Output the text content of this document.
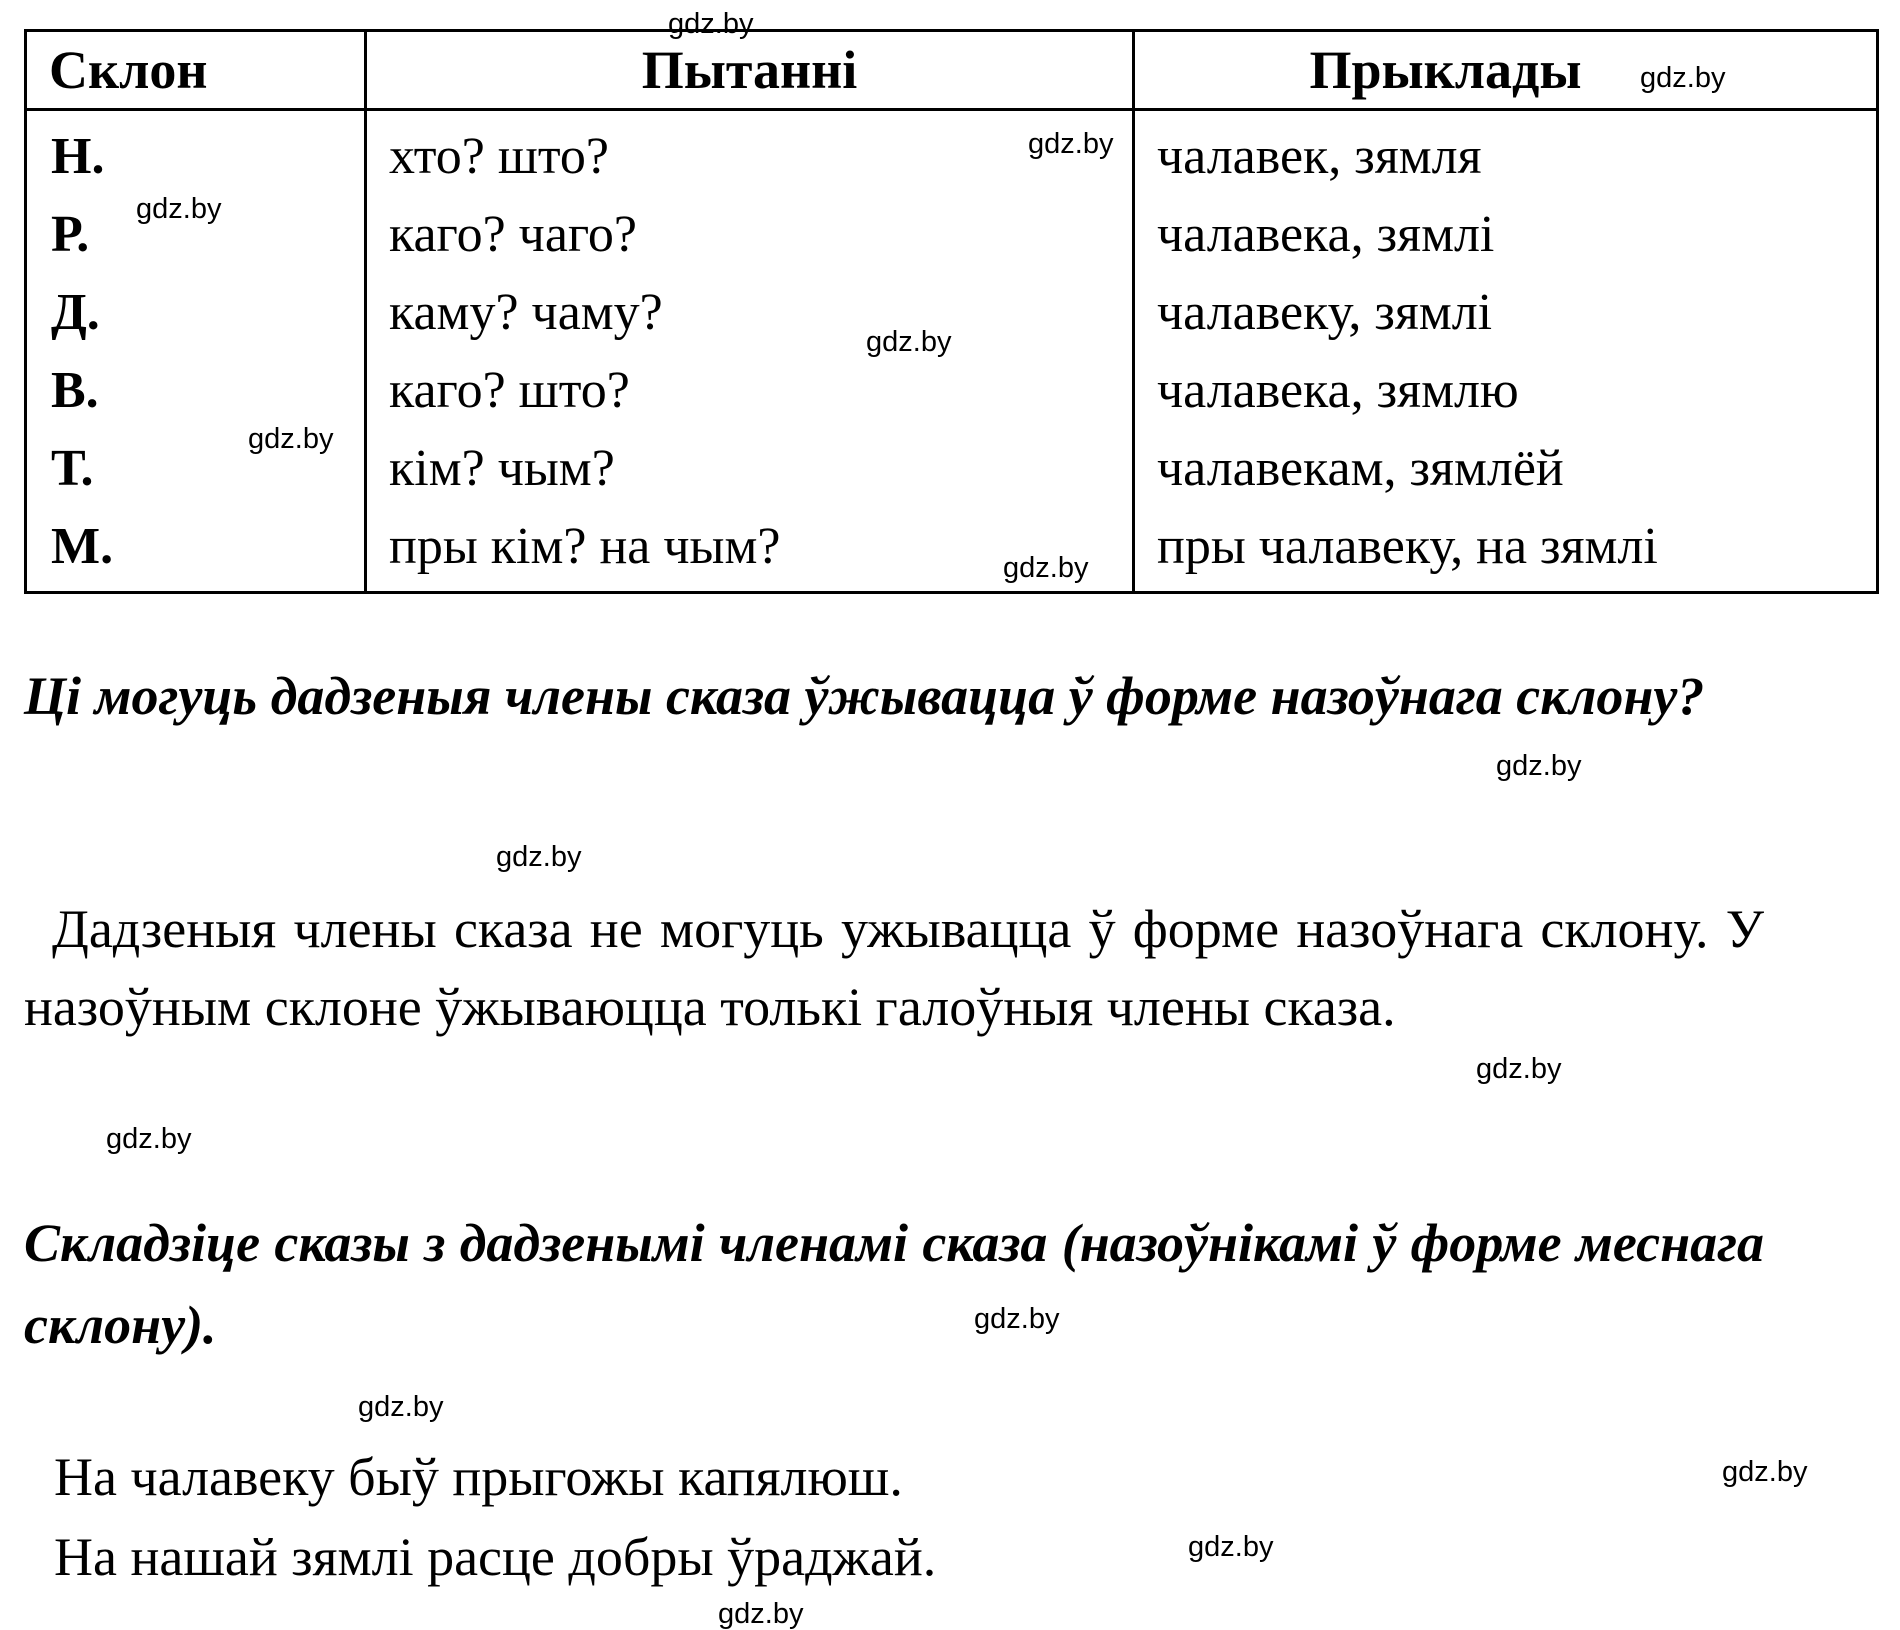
Склон	Пытанні	Прыклады
Н.	хто? што?	чалавек, зямля
Р.	каго? чаго?	чалавека, зямлі
Д.	каму? чаму?	чалавеку, зямлі
В.	каго? што?	чалавека, зямлю
Т.	кім? чым?	чалавекам, зямлёй
М.	пры кім? на чым?	пры чалавеку, на зямлі
Ці могуць дадзеныя члены сказа ўжывацца ў форме назоўнага склону?
Дадзеныя члены сказа не могуць ужывацца ў форме назоўнага склону. У назоўным склоне ўжываюцца толькі галоўныя члены сказа.
Складзіце сказы з дадзенымі членамі сказа (назоўнікамі ў форме меснага склону).
На чалавеку быў прыгожы капялюш.
На нашай зямлі расце добры ўраджай.
gdz.by
gdz.by
gdz.by
gdz.by
gdz.by
gdz.by
gdz.by
gdz.by
gdz.by
gdz.by
gdz.by
gdz.by
gdz.by
gdz.by
gdz.by
gdz.by
